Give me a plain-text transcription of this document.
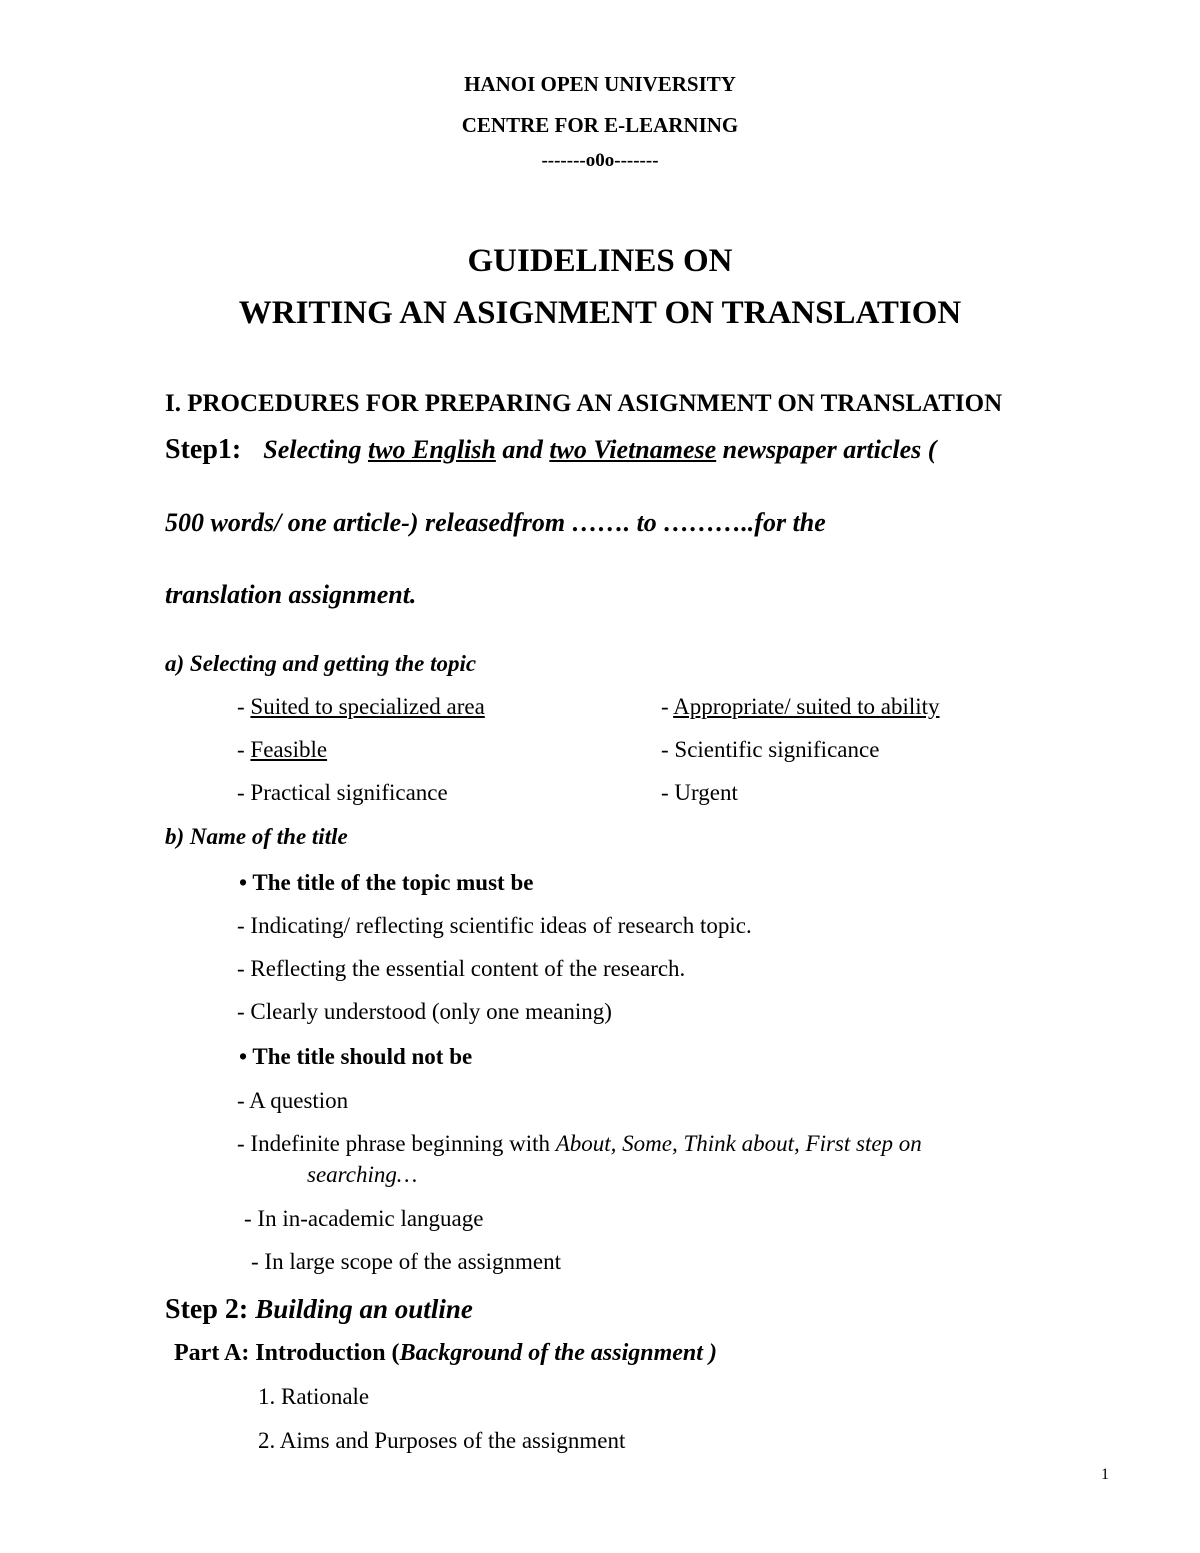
HANOI OPEN UNIVERSITY
CENTRE FOR E-LEARNING
-------o0o-------
GUIDELINES ON
WRITING AN ASIGNMENT ON TRANSLATION
I. PROCEDURES FOR PREPARING AN ASIGNMENT ON TRANSLATION
Step1: Selecting two English and two Vietnamese newspaper articles (
500 words/ one article-) releasedfrom ……. to ………..for the
translation assignment.
a) Selecting and getting the topic
- Suited to specialized area
- Feasible
- Practical significance
- Appropriate/ suited to ability
- Scientific significance
- Urgent
b) Name of the title
• The title of the topic must be
- Indicating/ reflecting scientific ideas of research topic.
- Reflecting the essential content of the research.
- Clearly understood (only one meaning)
• The title should not be
- A question
- Indefinite phrase beginning with About, Some, Think about, First step on
searching…
- In in-academic language
- In large scope of the assignment
Step 2: Building an outline
Part A: Introduction (Background of the assignment )
1. Rationale
2. Aims and Purposes of the assignment
1
